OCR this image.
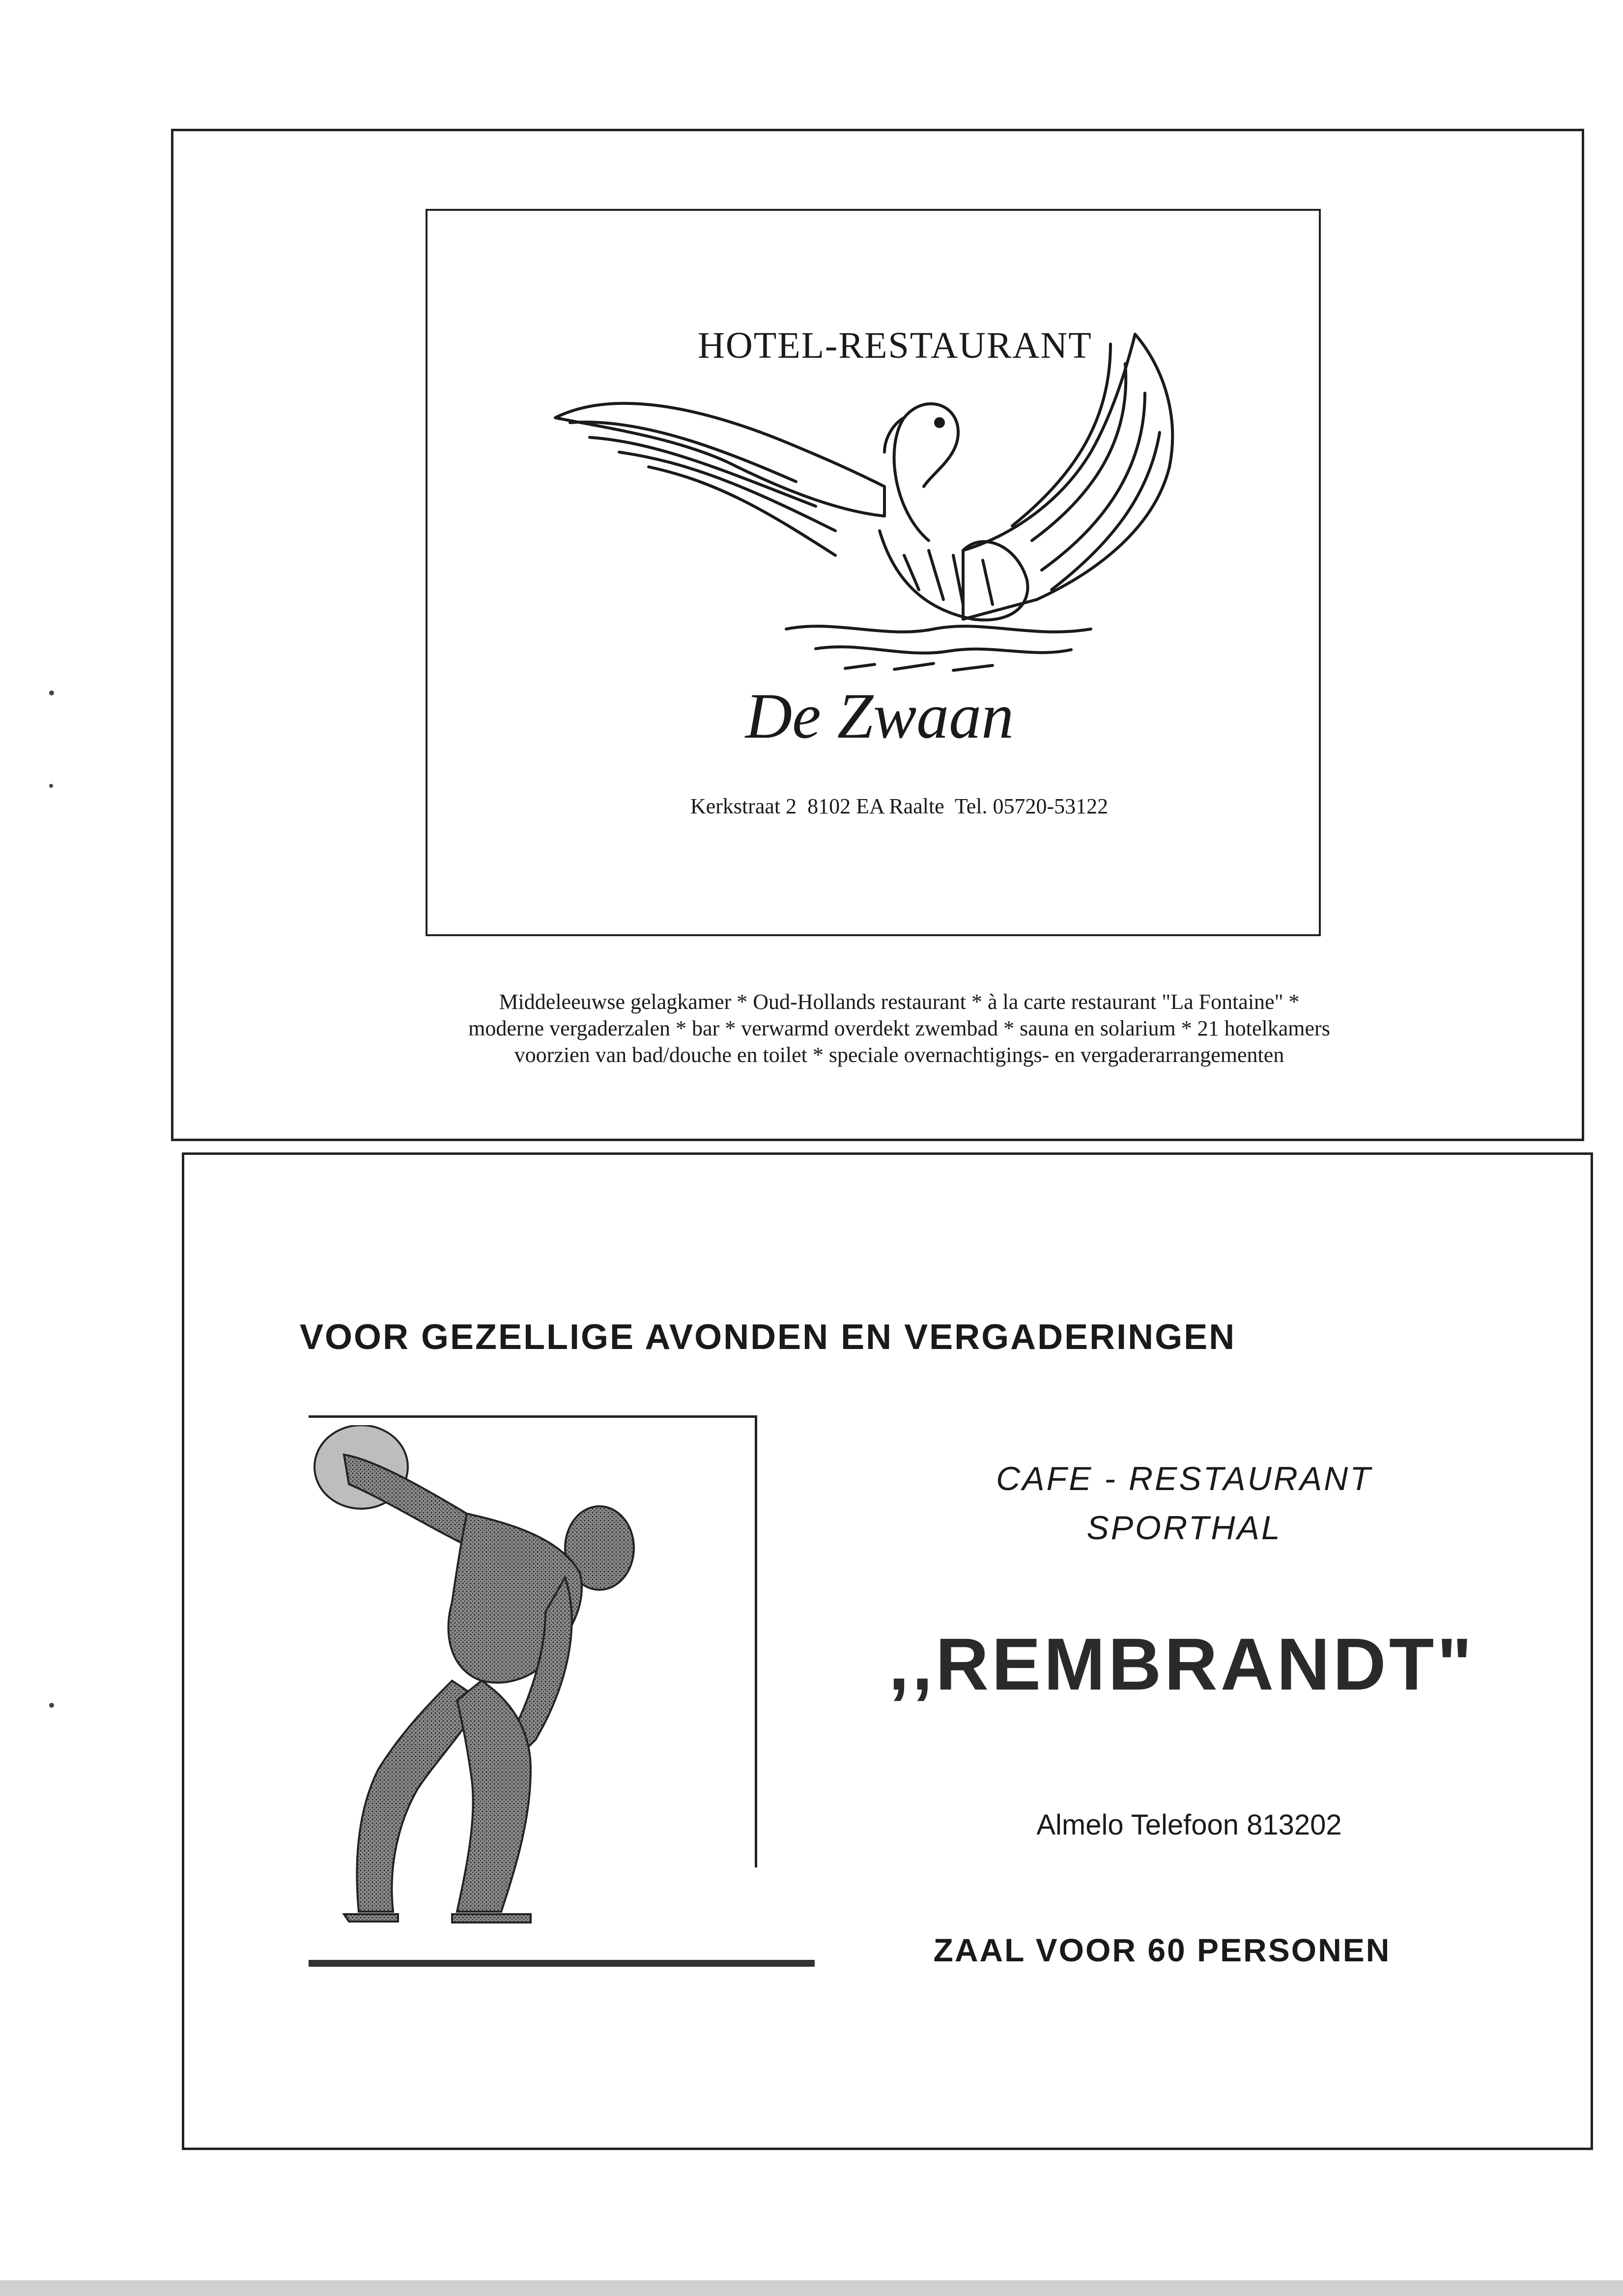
HOTEL-RESTAURANT
De Zwaan
Kerkstraat 2  8102 EA Raalte  Tel. 05720-53122
Middeleeuwse gelagkamer * Oud-Hollands restaurant * à la carte restaurant "La Fontaine" *
moderne vergaderzalen * bar * verwarmd overdekt zwembad * sauna en solarium * 21 hotelkamers
voorzien van bad/douche en toilet * speciale overnachtigings- en vergaderarrangementen
VOOR GEZELLIGE AVONDEN EN VERGADERINGEN
CAFE - RESTAURANT
SPORTHAL
,,REMBRANDT"
Almelo Telefoon 813202
ZAAL VOOR 60 PERSONEN
